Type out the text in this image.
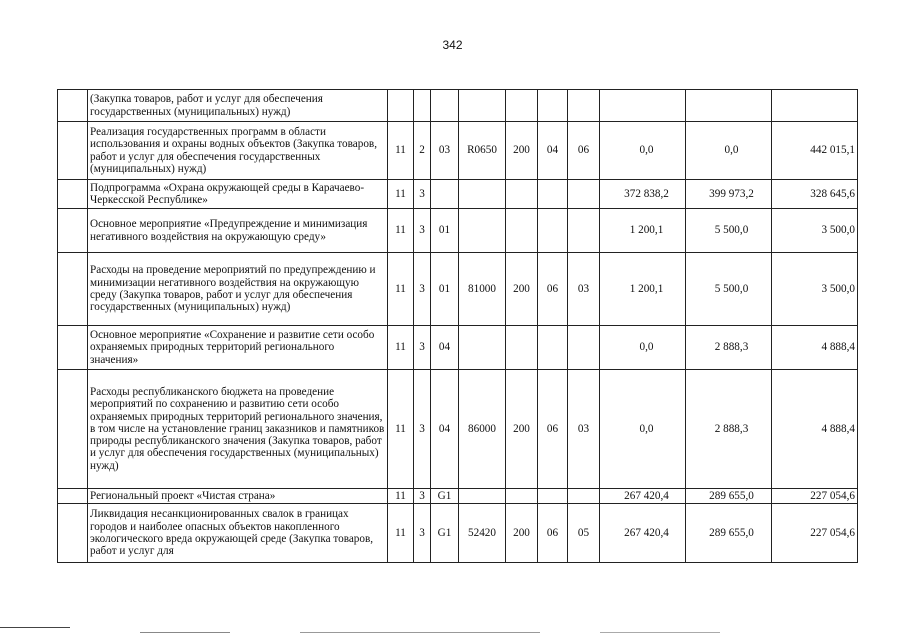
342
	(Закупка товаров, работ и услуг для обеспечения государственных (муниципальных) нужд)										
	Реализация государственных программ в области использования и охраны водных объектов (Закупка товаров, работ и услуг для обеспечения государственных (муниципальных) нужд)	11	2	03	R0650	200	04	06	0,0	0,0	442 015,1
	Подпрограмма «Охрана окружающей среды в Карачаево-Черкесской Республике»	11	3						372 838,2	399 973,2	328 645,6
	Основное мероприятие «Предупреждение и минимизация негативного воздействия на окружающую среду»	11	3	01					1 200,1	5 500,0	3 500,0
	Расходы на проведение мероприятий по предупреждению и минимизации негативного воздействия на окружающую среду (Закупка товаров, работ и услуг для обеспечения государственных (муниципальных) нужд)	11	3	01	81000	200	06	03	1 200,1	5 500,0	3 500,0
	Основное мероприятие «Сохранение и развитие сети особо охраняемых природных территорий регионального значения»	11	3	04					0,0	2 888,3	4 888,4
	Расходы республиканского бюджета на проведение мероприятий по сохранению и развитию сети особо охраняемых природных территорий регионального значения, в том числе на установление границ заказников и памятников природы республиканского значения (Закупка товаров, работ и услуг для обеспечения государственных (муниципальных) нужд)	11	3	04	86000	200	06	03	0,0	2 888,3	4 888,4
	Региональный проект «Чистая страна»	11	3	G1					267 420,4	289 655,0	227 054,6
	Ликвидация несанкционированных свалок в границах городов и наиболее опасных объектов накопленного экологического вреда окружающей среде (Закупка товаров, работ и услуг для	11	3	G1	52420	200	06	05	267 420,4	289 655,0	227 054,6
